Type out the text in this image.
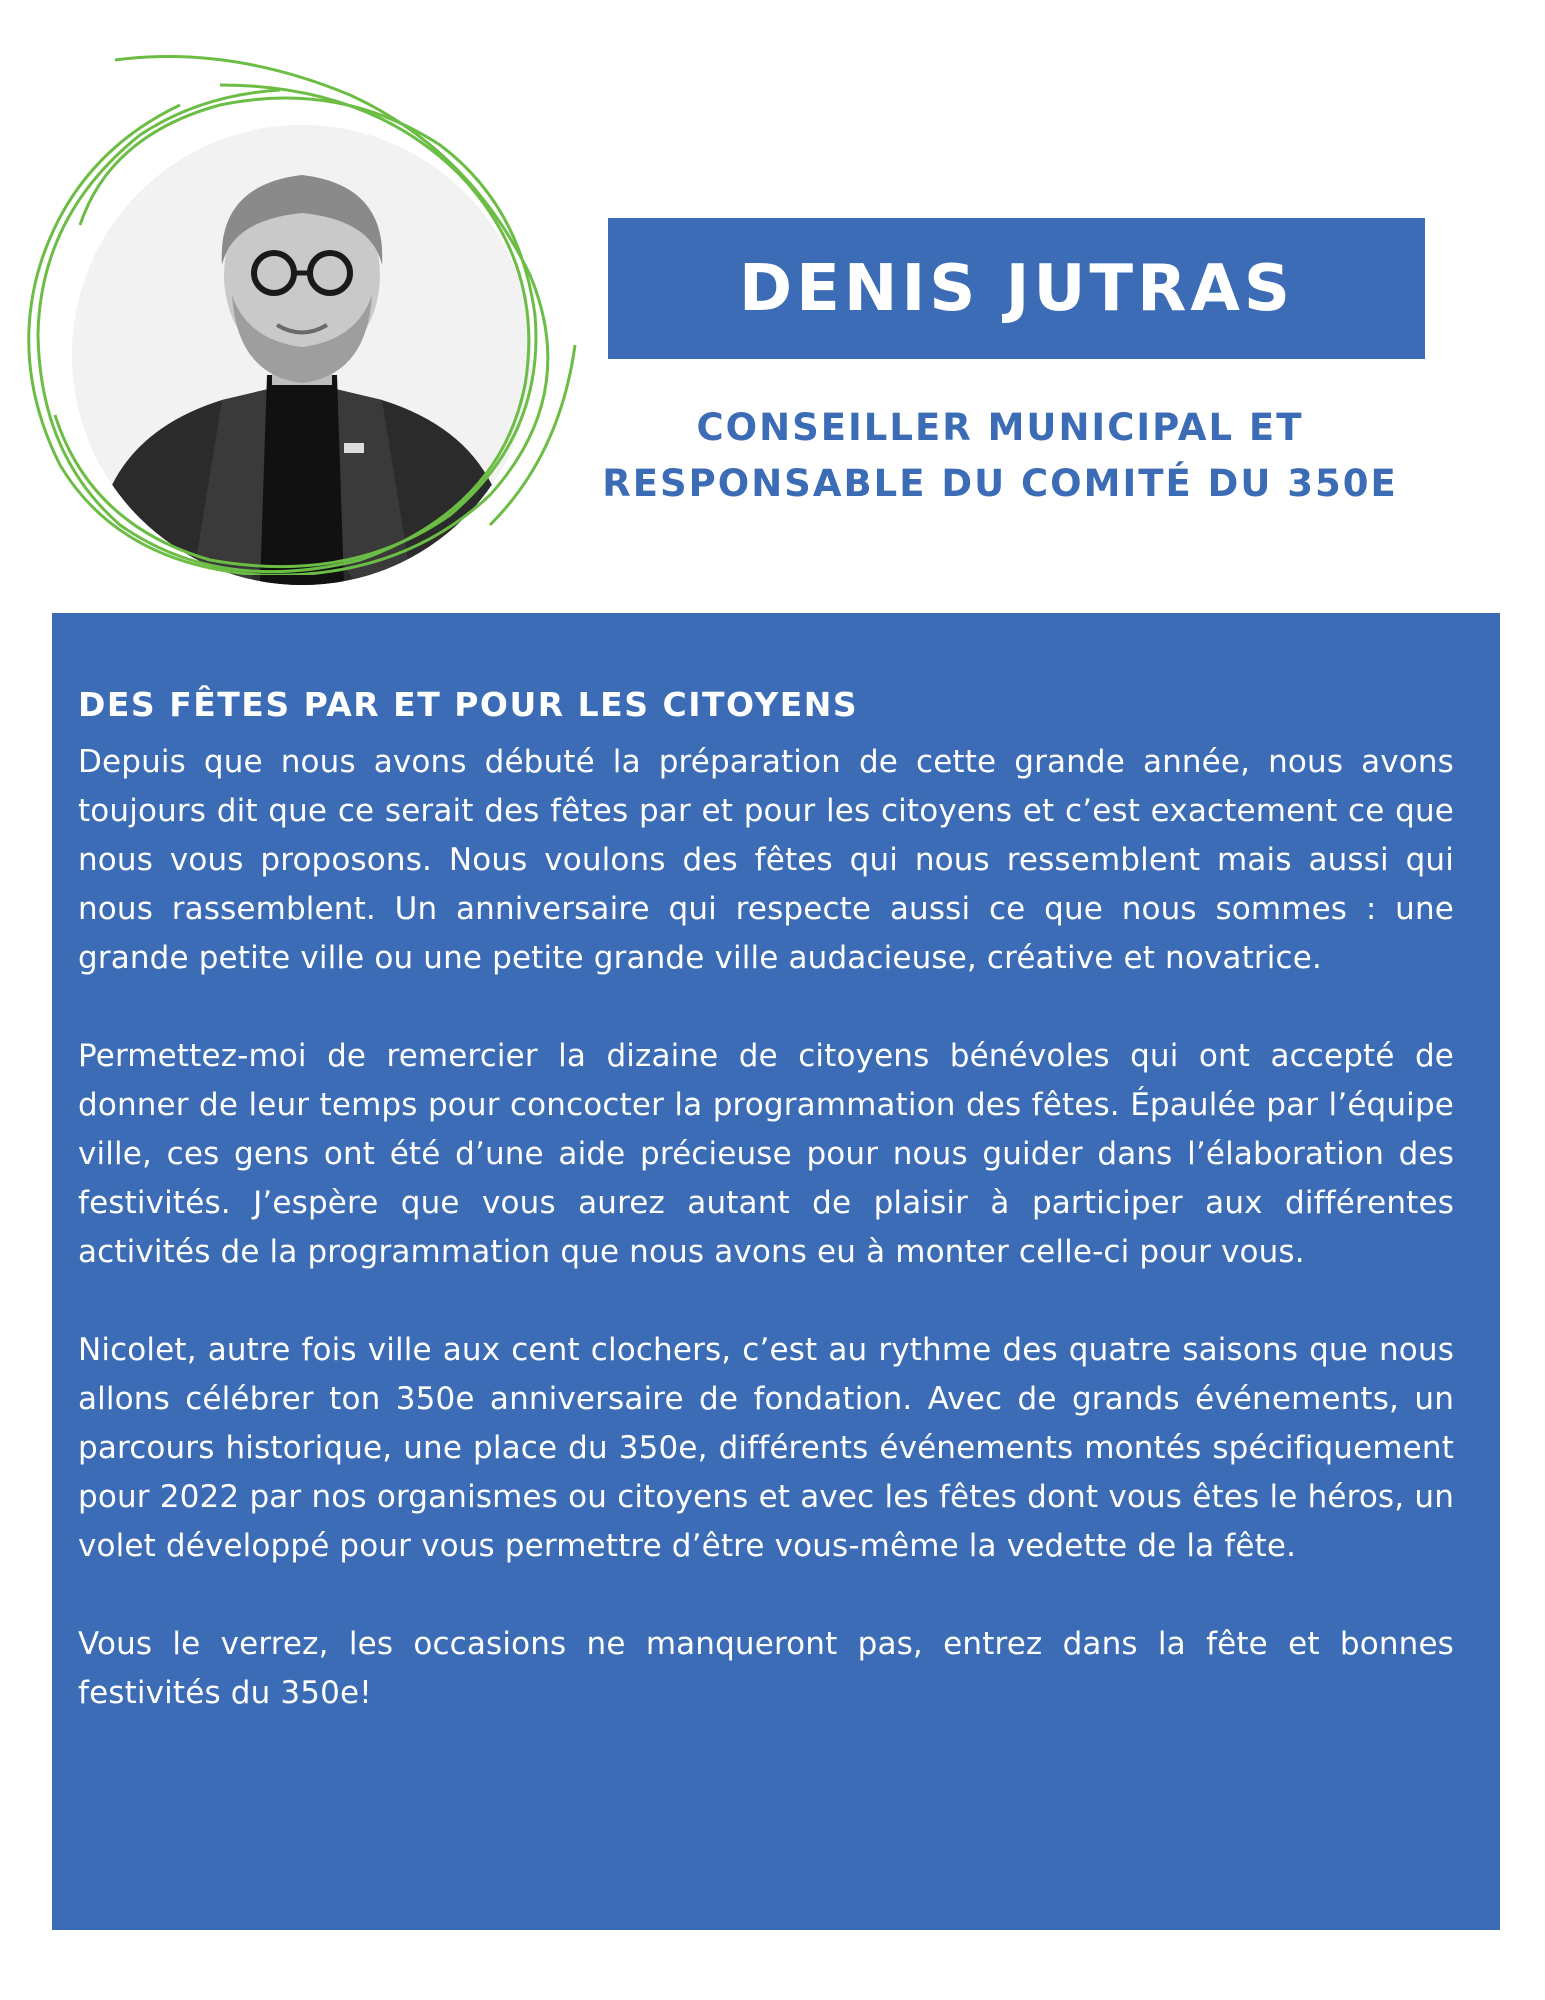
DENIS JUTRAS
CONSEILLER MUNICIPAL ET
RESPONSABLE DU COMITÉ DU 350E
DES FÊTES PAR ET POUR LES CITOYENS

Depuis que nous avons débuté la préparation de cette grande année, nous avons toujours dit que ce serait des fêtes par et pour les citoyens et c’est exactement ce que nous vous proposons. Nous voulons des fêtes qui nous ressemblent mais aussi qui nous rassemblent. Un anniversaire qui respecte aussi ce que nous sommes : une grande petite ville ou une petite grande ville audacieuse, créative et novatrice.

Permettez-moi de remercier la dizaine de citoyens bénévoles qui ont accepté de donner de leur temps pour concocter la programmation des fêtes. Épaulée par l’équipe ville, ces gens ont été d’une aide précieuse pour nous guider dans l’élaboration des festivités. J’espère que vous aurez autant de plaisir à participer aux différentes activités de la programmation que nous avons eu à monter celle-ci pour vous.

Nicolet, autre fois ville aux cent clochers, c’est au rythme des quatre saisons que nous allons célébrer ton 350e anniversaire de fondation. Avec de grands événements, un parcours historique, une place du 350e, différents événements montés spécifiquement pour 2022 par nos organismes ou citoyens et avec les fêtes dont vous êtes le héros, un volet développé pour vous permettre d’être vous-même la vedette de la fête.

Vous le verrez, les occasions ne manqueront pas, entrez dans la fête et bonnes festivités du 350e!
